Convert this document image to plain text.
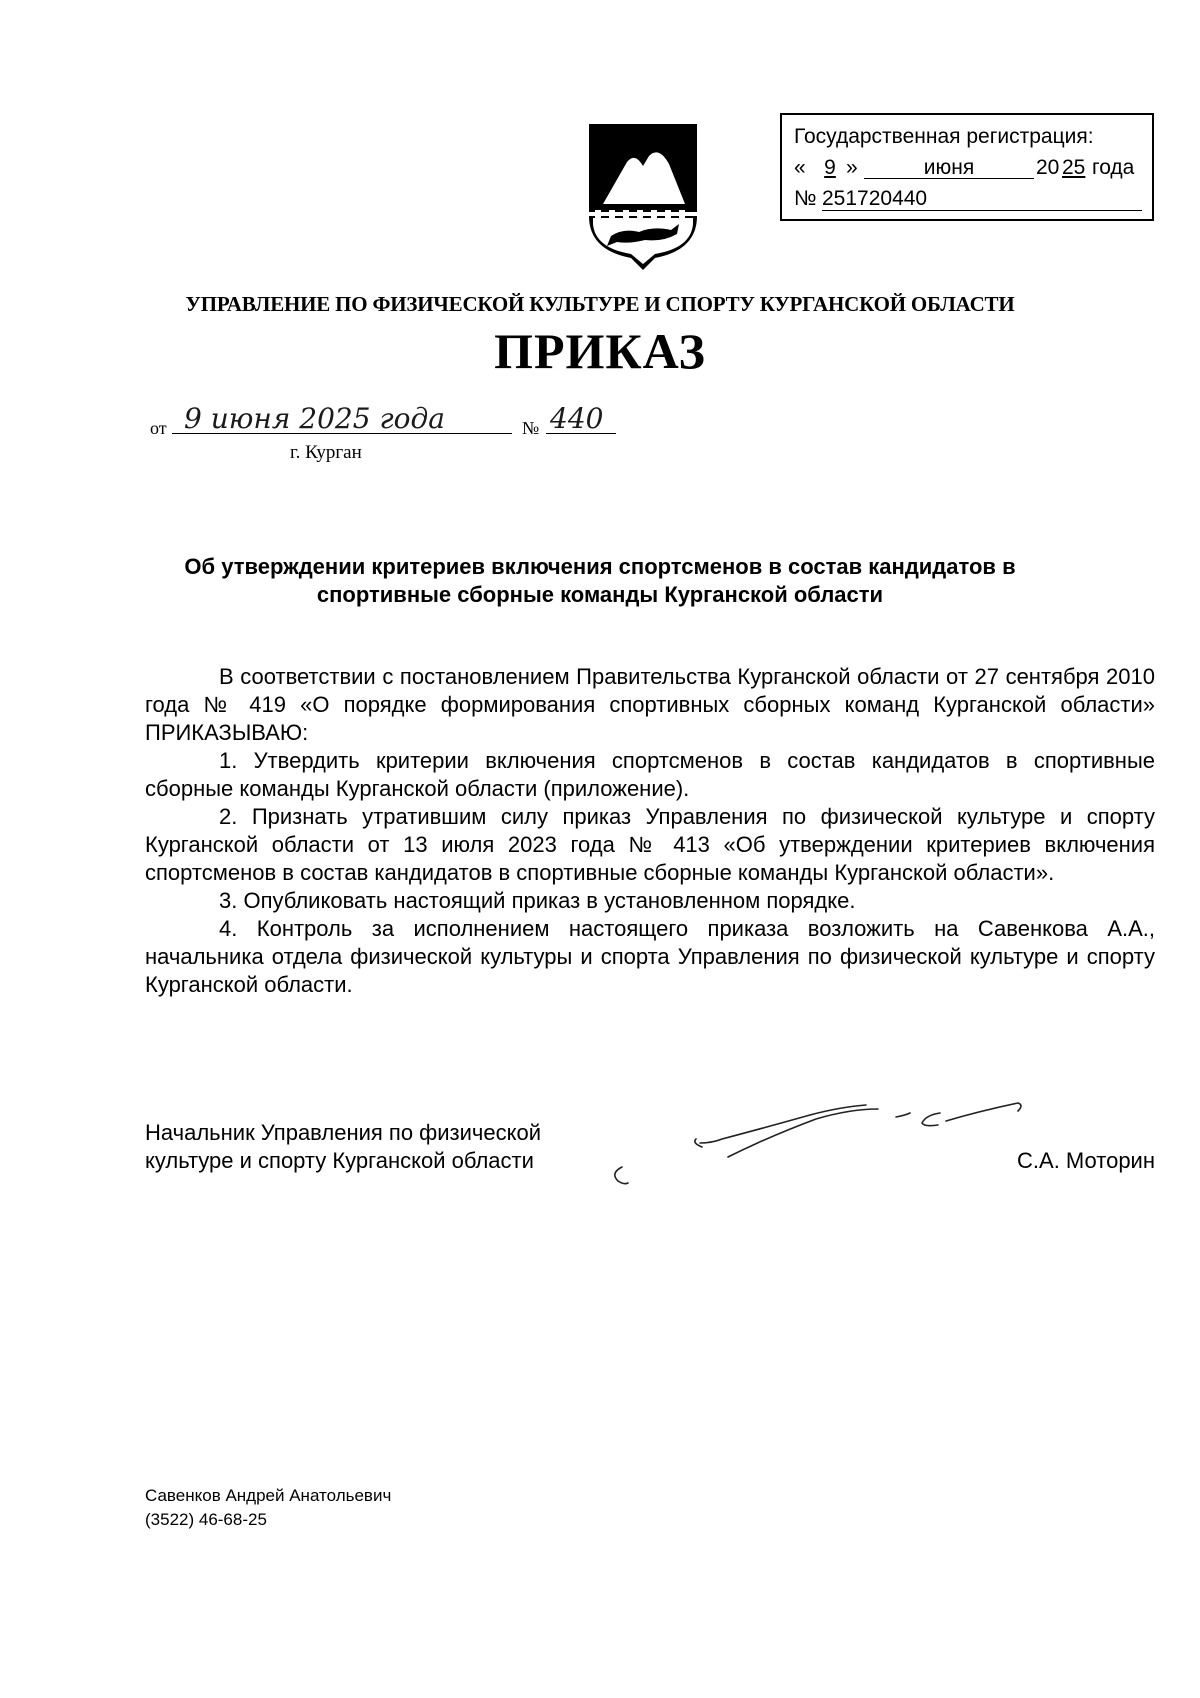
Государственная регистрация:
« 9 »	июня	20 25 года
№ 251720440
УПРАВЛЕНИЕ ПО ФИЗИЧЕСКОЙ КУЛЬТУРЕ И СПОРТУ КУРГАНСКОЙ ОБЛАСТИ
ПРИКАЗ
от 9 июня 2025 года	№ 440
г. Курган
Об утверждении критериев включения спортсменов в состав кандидатов в спортивные сборные команды Курганской области

В соответствии с постановлением Правительства Курганской области от 27 сентября 2010 года № 419 «О порядке формирования спортивных сборных команд Курганской области» ПРИКАЗЫВАЮ:

1. Утвердить критерии включения спортсменов в состав кандидатов в спортивные сборные команды Курганской области (приложение).

2. Признать утратившим силу приказ Управления по физической культуре и спорту Курганской области от 13 июля 2023 года № 413 «Об утверждении критериев включения спортсменов в состав кандидатов в спортивные сборные команды Курганской области».

3. Опубликовать настоящий приказ в установленном порядке.

4. Контроль за исполнением настоящего приказа возложить на Савенкова А.А., начальника отдела физической культуры и спорта Управления по физической культуре и спорту Курганской области.

Начальник Управления по физической культуре и спорту Курганской области	С.А. Моторин
Савенков Андрей Анатольевич
(3522) 46-68-25
